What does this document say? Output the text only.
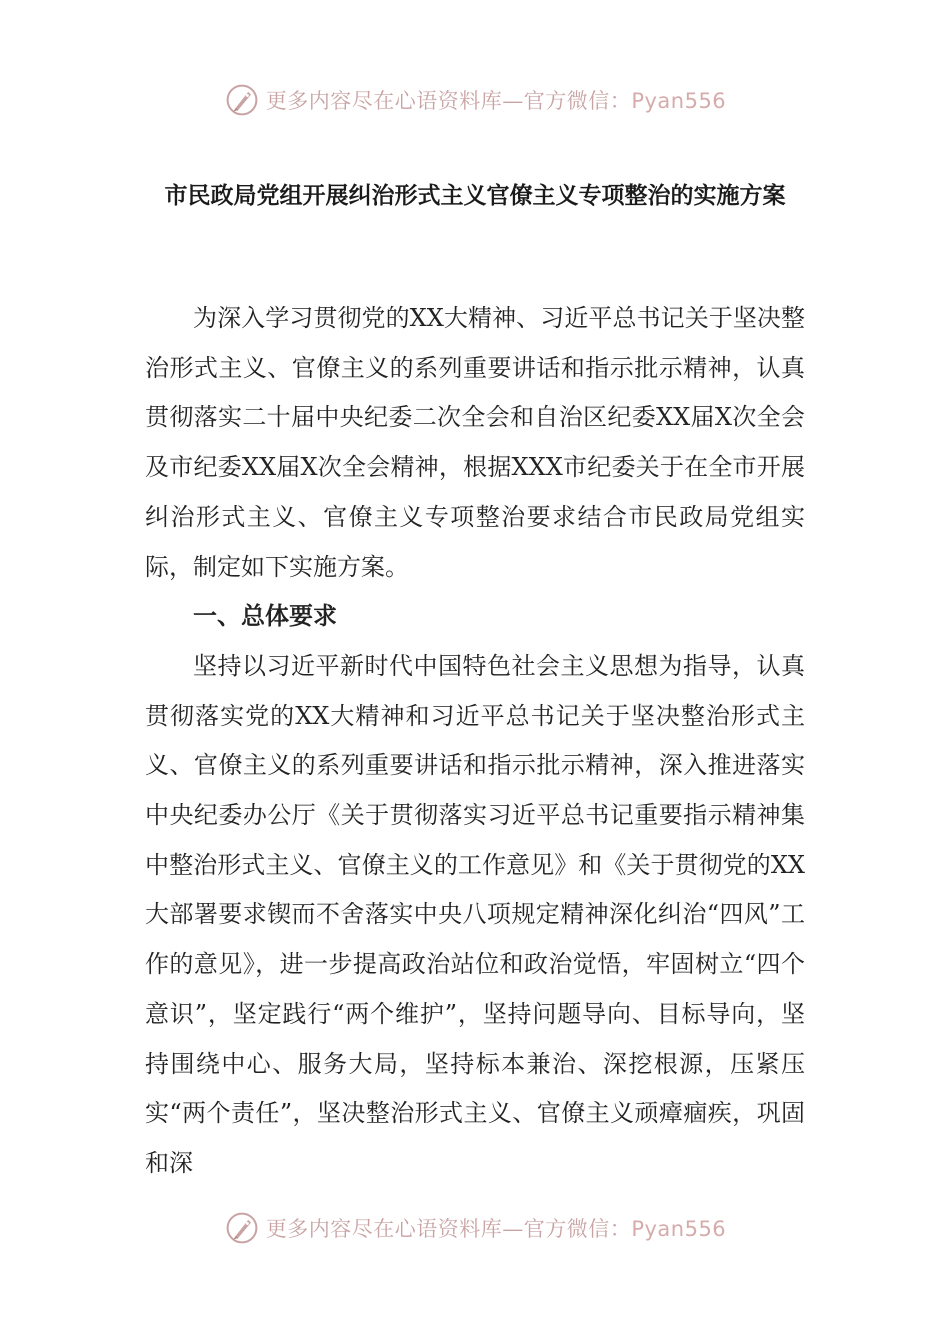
更多内容尽在心语资料库—官方微信：Pyan556
市民政局党组开展纠治形式主义官僚主义专项整治的实施方案

为深入学习贯彻党的XX大精神、习近平总书记关于坚决整治形式主义、官僚主义的系列重要讲话和指示批示精神，认真贯彻落实二十届中央纪委二次全会和自治区纪委XX届X次全会及市纪委XX届X次全会精神，根据XXX市纪委关于在全市开展纠治形式主义、官僚主义专项整治要求结合市民政局党组实际，制定如下实施方案。

一、总体要求

坚持以习近平新时代中国特色社会主义思想为指导，认真贯彻落实党的XX大精神和习近平总书记关于坚决整治形式主义、官僚主义的系列重要讲话和指示批示精神，深入推进落实中央纪委办公厅《关于贯彻落实习近平总书记重要指示精神集中整治形式主义、官僚主义的工作意见》和《关于贯彻党的XX大部署要求锲而不舍落实中央八项规定精神深化纠治“四风”工作的意见》，进一步提高政治站位和政治觉悟，牢固树立“四个意识”，坚定践行“两个维护”，坚持问题导向、目标导向，坚持围绕中心、服务大局，坚持标本兼治、深挖根源，压紧压实“两个责任”，坚决整治形式主义、官僚主义顽瘴痼疾，巩固和深

更多内容尽在心语资料库—官方微信：Pyan556
